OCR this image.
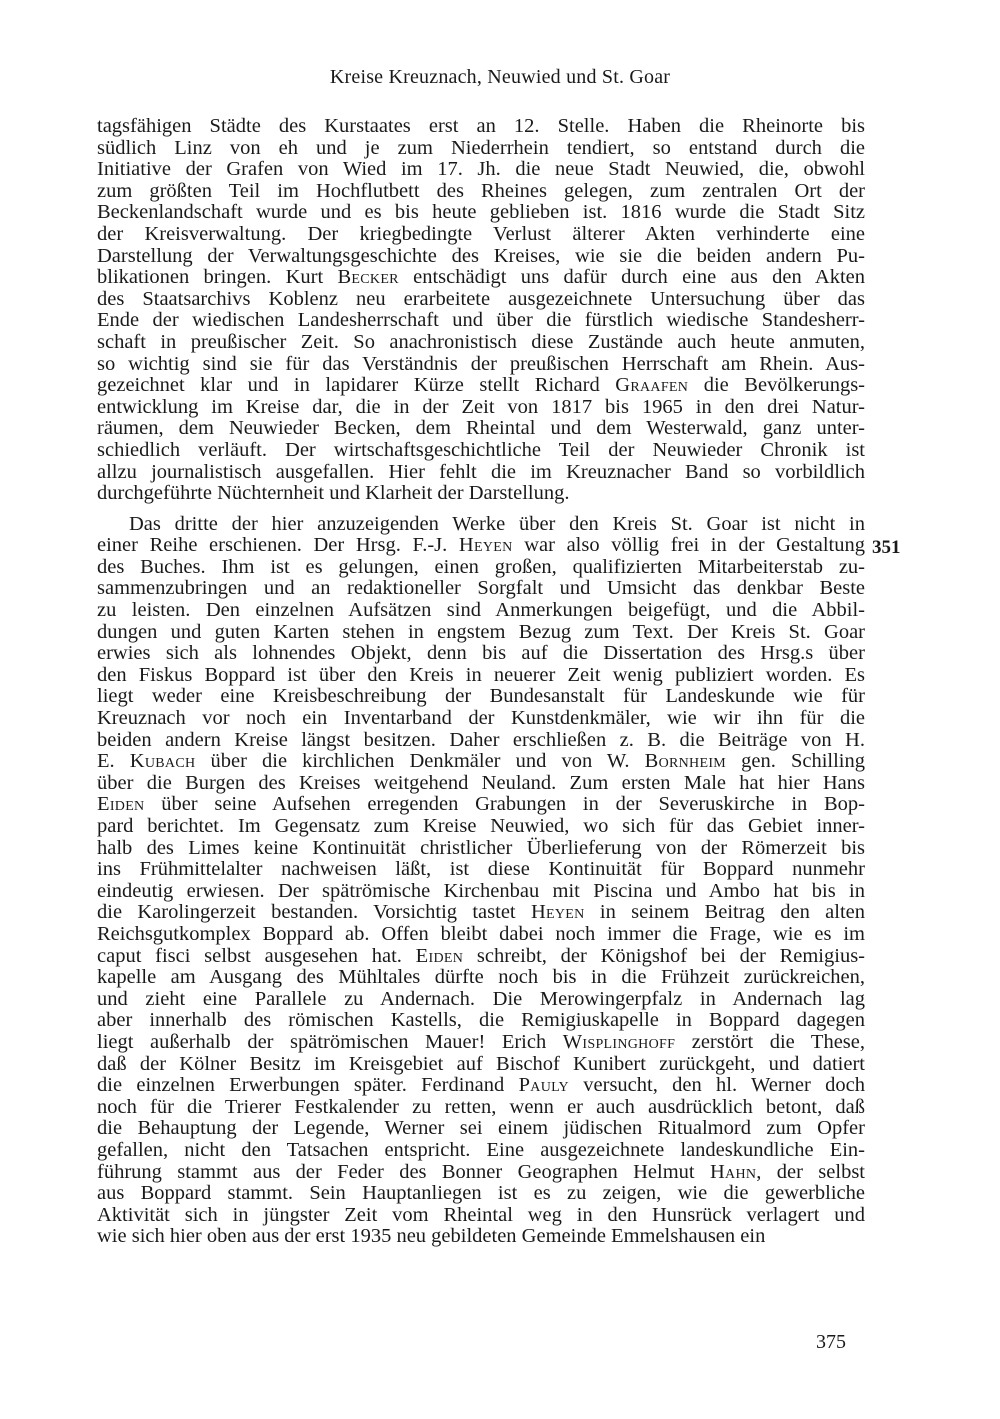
Kreise Kreuznach, Neuwied und St. Goar
tagsfähigen Städte des Kurstaates erst an 12. Stelle. Haben die Rheinorte bis
südlich Linz von eh und je zum Niederrhein tendiert, so entstand durch die
Initiative der Grafen von Wied im 17. Jh. die neue Stadt Neuwied, die, obwohl
zum größten Teil im Hochflutbett des Rheines gelegen, zum zentralen Ort der
Beckenlandschaft wurde und es bis heute geblieben ist. 1816 wurde die Stadt Sitz
der Kreisverwaltung. Der kriegbedingte Verlust älterer Akten verhinderte eine
Darstellung der Verwaltungsgeschichte des Kreises, wie sie die beiden andern Pu-
blikationen bringen. Kurt Becker entschädigt uns dafür durch eine aus den Akten
des Staatsarchivs Koblenz neu erarbeitete ausgezeichnete Untersuchung über das
Ende der wiedischen Landesherrschaft und über die fürstlich wiedische Standesherr-
schaft in preußischer Zeit. So anachronistisch diese Zustände auch heute anmuten,
so wichtig sind sie für das Verständnis der preußischen Herrschaft am Rhein. Aus-
gezeichnet klar und in lapidarer Kürze stellt Richard Graafen die Bevölkerungs-
entwicklung im Kreise dar, die in der Zeit von 1817 bis 1965 in den drei Natur-
räumen, dem Neuwieder Becken, dem Rheintal und dem Westerwald, ganz unter-
schiedlich verläuft. Der wirtschaftsgeschichtliche Teil der Neuwieder Chronik ist
allzu journalistisch ausgefallen. Hier fehlt die im Kreuznacher Band so vorbildlich
durchgeführte Nüchternheit und Klarheit der Darstellung.
Das dritte der hier anzuzeigenden Werke über den Kreis St. Goar ist nicht in
einer Reihe erschienen. Der Hrsg. F.-J. Heyen war also völlig frei in der Gestaltung
des Buches. Ihm ist es gelungen, einen großen, qualifizierten Mitarbeiterstab zu-
sammenzubringen und an redaktioneller Sorgfalt und Umsicht das denkbar Beste
zu leisten. Den einzelnen Aufsätzen sind Anmerkungen beigefügt, und die Abbil-
dungen und guten Karten stehen in engstem Bezug zum Text. Der Kreis St. Goar
erwies sich als lohnendes Objekt, denn bis auf die Dissertation des Hrsg.s über
den Fiskus Boppard ist über den Kreis in neuerer Zeit wenig publiziert worden. Es
liegt weder eine Kreisbeschreibung der Bundesanstalt für Landeskunde wie für
Kreuznach vor noch ein Inventarband der Kunstdenkmäler, wie wir ihn für die
beiden andern Kreise längst besitzen. Daher erschließen z. B. die Beiträge von H.
E. Kubach über die kirchlichen Denkmäler und von W. Bornheim gen. Schilling
über die Burgen des Kreises weitgehend Neuland. Zum ersten Male hat hier Hans
Eiden über seine Aufsehen erregenden Grabungen in der Severuskirche in Bop-
pard berichtet. Im Gegensatz zum Kreise Neuwied, wo sich für das Gebiet inner-
halb des Limes keine Kontinuität christlicher Überlieferung von der Römerzeit bis
ins Frühmittelalter nachweisen läßt, ist diese Kontinuität für Boppard nunmehr
eindeutig erwiesen. Der spätrömische Kirchenbau mit Piscina und Ambo hat bis in
die Karolingerzeit bestanden. Vorsichtig tastet Heyen in seinem Beitrag den alten
Reichsgutkomplex Boppard ab. Offen bleibt dabei noch immer die Frage, wie es im
caput fisci selbst ausgesehen hat. Eiden schreibt, der Königshof bei der Remigius-
kapelle am Ausgang des Mühltales dürfte noch bis in die Frühzeit zurückreichen,
und zieht eine Parallele zu Andernach. Die Merowingerpfalz in Andernach lag
aber innerhalb des römischen Kastells, die Remigiuskapelle in Boppard dagegen
liegt außerhalb der spätrömischen Mauer! Erich Wisplinghoff zerstört die These,
daß der Kölner Besitz im Kreisgebiet auf Bischof Kunibert zurückgeht, und datiert
die einzelnen Erwerbungen später. Ferdinand Pauly versucht, den hl. Werner doch
noch für die Trierer Festkalender zu retten, wenn er auch ausdrücklich betont, daß
die Behauptung der Legende, Werner sei einem jüdischen Ritualmord zum Opfer
gefallen, nicht den Tatsachen entspricht. Eine ausgezeichnete landeskundliche Ein-
führung stammt aus der Feder des Bonner Geographen Helmut Hahn, der selbst
aus Boppard stammt. Sein Hauptanliegen ist es zu zeigen, wie die gewerbliche
Aktivität sich in jüngster Zeit vom Rheintal weg in den Hunsrück verlagert und
wie sich hier oben aus der erst 1935 neu gebildeten Gemeinde Emmelshausen ein
351
375
